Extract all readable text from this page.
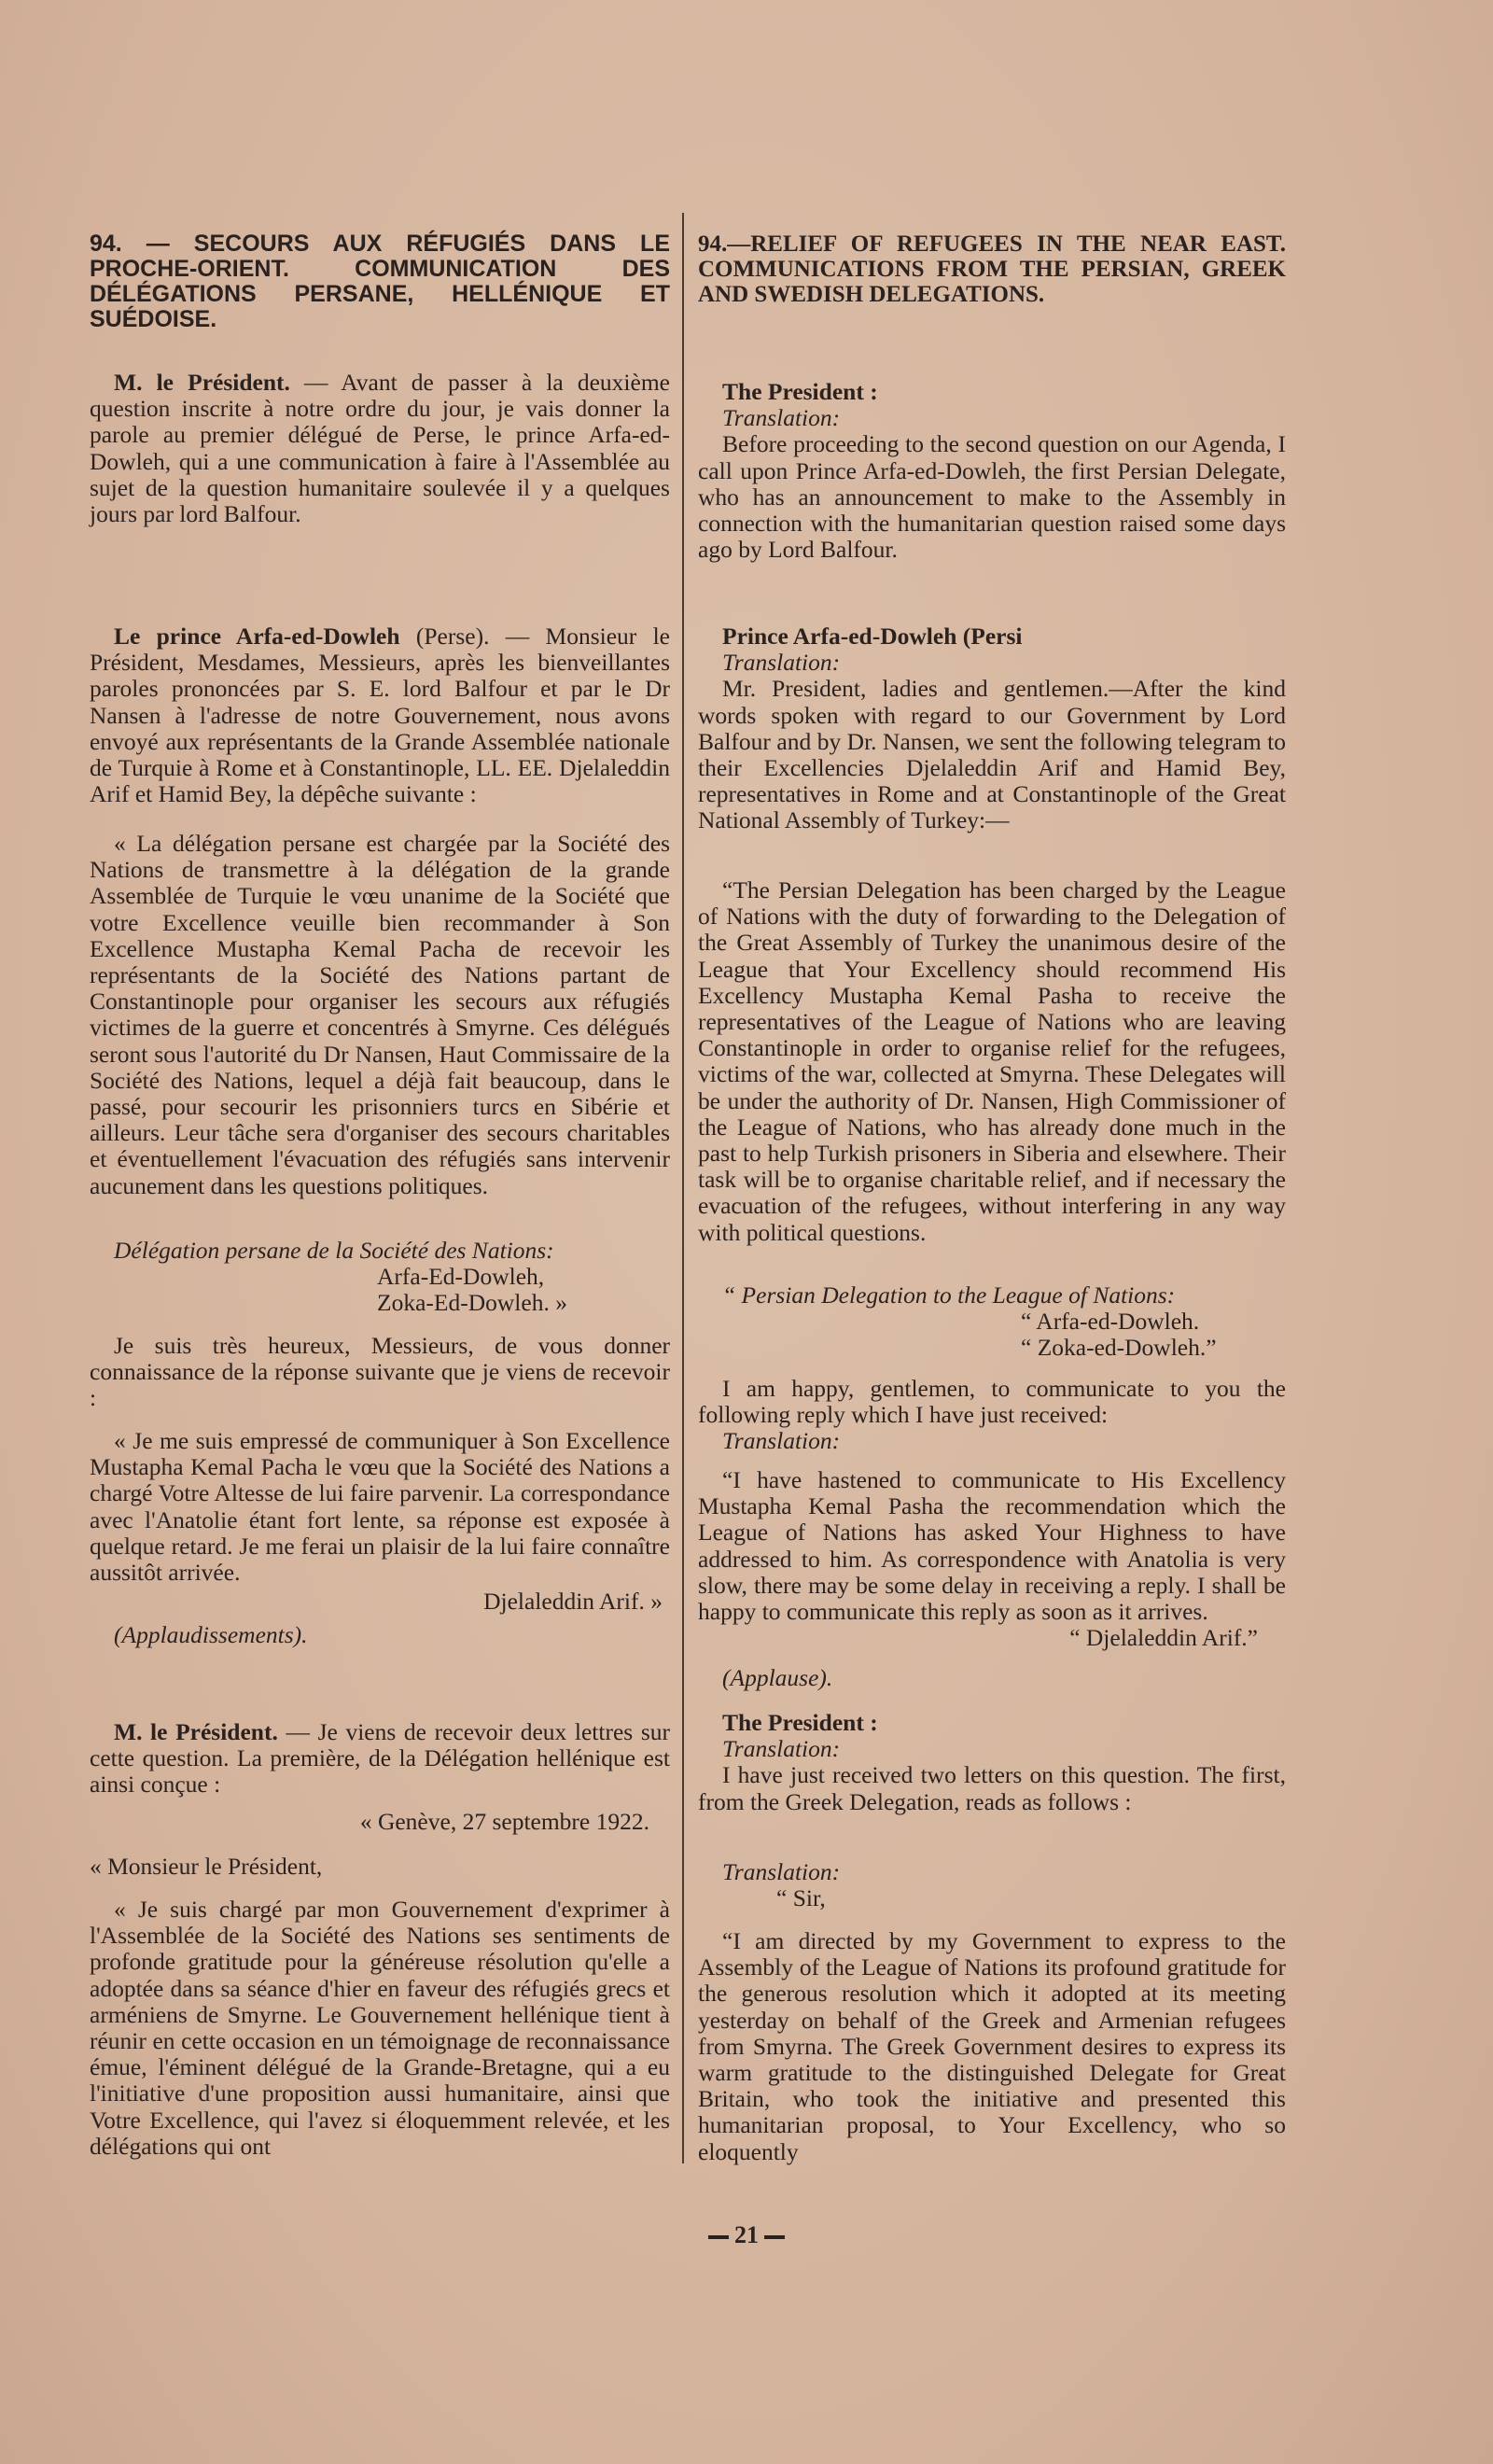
94. — SECOURS AUX RÉFUGIÉS DANS LE PROCHE-ORIENT. COMMUNICATION DES DÉLÉGATIONS PERSANE, HELLÉNIQUE ET SUÉDOISE.

M. le Président. — Avant de passer à la deuxième question inscrite à notre ordre du jour, je vais donner la parole au premier délégué de Perse, le prince Arfa-ed-Dowleh, qui a une communication à faire à l'Assemblée au sujet de la question humanitaire soulevée il y a quelques jours par lord Balfour.

Le prince Arfa-ed-Dowleh (Perse). — Monsieur le Président, Mesdames, Messieurs, après les bienveillantes paroles prononcées par S. E. lord Balfour et par le Dr Nansen à l'adresse de notre Gouvernement, nous avons envoyé aux représentants de la Grande Assemblée nationale de Turquie à Rome et à Constantinople, LL. EE. Djelaleddin Arif et Hamid Bey, la dépêche suivante :

« La délégation persane est chargée par la Société des Nations de transmettre à la délégation de la grande Assemblée de Turquie le vœu unanime de la Société que votre Excellence veuille bien recommander à Son Excellence Mustapha Kemal Pacha de recevoir les représentants de la Société des Nations partant de Constantinople pour organiser les secours aux réfugiés victimes de la guerre et concentrés à Smyrne. Ces délégués seront sous l'autorité du Dr Nansen, Haut Commissaire de la Société des Nations, lequel a déjà fait beaucoup, dans le passé, pour secourir les prisonniers turcs en Sibérie et ailleurs. Leur tâche sera d'organiser des secours charitables et éventuellement l'évacuation des réfugiés sans intervenir aucunement dans les questions politiques.

Délégation persane de la Société des Nations:

Arfa-Ed-Dowleh,

Zoka-Ed-Dowleh. »

Je suis très heureux, Messieurs, de vous donner connaissance de la réponse suivante que je viens de recevoir :

« Je me suis empressé de communiquer à Son Excellence Mustapha Kemal Pacha le vœu que la Société des Nations a chargé Votre Altesse de lui faire parvenir. La correspondance avec l'Anatolie étant fort lente, sa réponse est exposée à quelque retard. Je me ferai un plaisir de la lui faire connaître aussitôt arrivée.

Djelaleddin Arif. »

(Applaudissements).

M. le Président. — Je viens de recevoir deux lettres sur cette question. La première, de la Délégation hellénique est ainsi conçue :

« Genève, 27 septembre 1922.

« Monsieur le Président,

« Je suis chargé par mon Gouvernement d'exprimer à l'Assemblée de la Société des Nations ses sentiments de profonde gratitude pour la généreuse résolution qu'elle a adoptée dans sa séance d'hier en faveur des réfugiés grecs et arméniens de Smyrne. Le Gouvernement hellénique tient à réunir en cette occasion en un témoignage de reconnaissance émue, l'éminent délégué de la Grande-Bretagne, qui a eu l'initiative d'une proposition aussi humanitaire, ainsi que Votre Excellence, qui l'avez si éloquemment relevée, et les délégations qui ont

94.—RELIEF OF REFUGEES IN THE NEAR EAST. COMMUNICATIONS FROM THE PERSIAN, GREEK AND SWEDISH DELEGATIONS.

The President :

Translation:

Before proceeding to the second question on our Agenda, I call upon Prince Arfa-ed-Dowleh, the first Persian Delegate, who has an announcement to make to the Assembly in connection with the humanitarian question raised some days ago by Lord Balfour.

Prince Arfa-ed-Dowleh (Persi

Translation:

Mr. President, ladies and gentlemen.—After the kind words spoken with regard to our Government by Lord Balfour and by Dr. Nansen, we sent the following telegram to their Excellencies Djelaleddin Arif and Hamid Bey, representatives in Rome and at Constantinople of the Great National Assembly of Turkey:—

“The Persian Delegation has been charged by the League of Nations with the duty of forwarding to the Delegation of the Great Assembly of Turkey the unanimous desire of the League that Your Excellency should recommend His Excellency Mustapha Kemal Pasha to receive the representatives of the League of Nations who are leaving Constantinople in order to organise relief for the refugees, victims of the war, collected at Smyrna. These Delegates will be under the authority of Dr. Nansen, High Commissioner of the League of Nations, who has already done much in the past to help Turkish prisoners in Siberia and elsewhere. Their task will be to organise charitable relief, and if necessary the evacuation of the refugees, without interfering in any way with political questions.

“ Persian Delegation to the League of Nations:

“ Arfa-ed-Dowleh.

“ Zoka-ed-Dowleh.”

I am happy, gentlemen, to communicate to you the following reply which I have just received:

Translation:

“I have hastened to communicate to His Excellency Mustapha Kemal Pasha the recommendation which the League of Nations has asked Your Highness to have addressed to him. As correspondence with Anatolia is very slow, there may be some delay in receiving a reply. I shall be happy to communicate this reply as soon as it arrives.

“ Djelaleddin Arif.”

(Applause).

The President :

Translation:

I have just received two letters on this question. The first, from the Greek Delegation, reads as follows :

Translation:

“ Sir,

“I am directed by my Government to express to the Assembly of the League of Nations its profound gratitude for the generous resolution which it adopted at its meeting yesterday on behalf of the Greek and Armenian refugees from Smyrna. The Greek Government desires to express its warm gratitude to the distinguished Delegate for Great Britain, who took the initiative and presented this humanitarian proposal, to Your Excellency, who so eloquently

21
